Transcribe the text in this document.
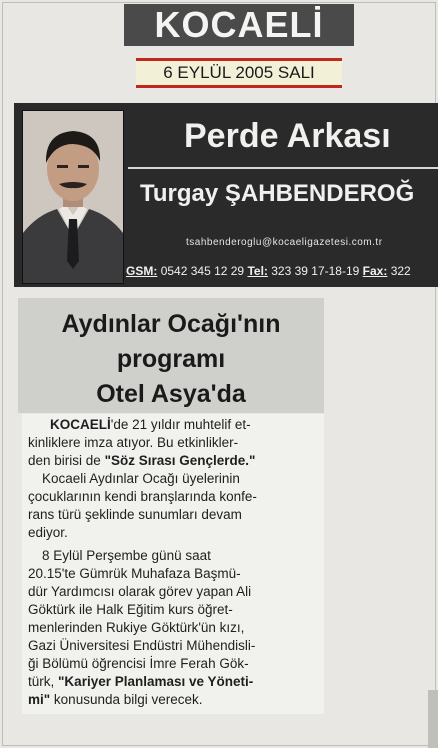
KOCAELİ
6 EYLÜL 2005 SALI
Perde Arkası
Turgay ŞAHBENDEROĞ
tsahbenderoglu@kocaeligazetesi.com.tr
GSM: 0542 345 12 29 Tel: 323 39 17-18-19 Fax: 322
Aydınlar Ocağı'nın
programı
Otel Asya'da
KOCAELİ'de 21 yıldır muhtelif et-
kinliklere imza atıyor. Bu etkinlikler-
den birisi de "Söz Sırası Gençlerde."
Kocaeli Aydınlar Ocağı üyelerinin
çocuklarının kendi branşlarında konfe-
rans türü şeklinde sunumları devam
ediyor.
8 Eylül Perşembe günü saat
20.15'te Gümrük Muhafaza Başmü-
dür Yardımcısı olarak görev yapan Ali
Göktürk ile Halk Eğitim kurs öğret-
menlerinden Rukiye Göktürk'ün kızı,
Gazi Üniversitesi Endüstri Mühendisli-
ği Bölümü öğrencisi İmre Ferah Gök-
türk, "Kariyer Planlaması ve Yöneti-
mi" konusunda bilgi verecek.
